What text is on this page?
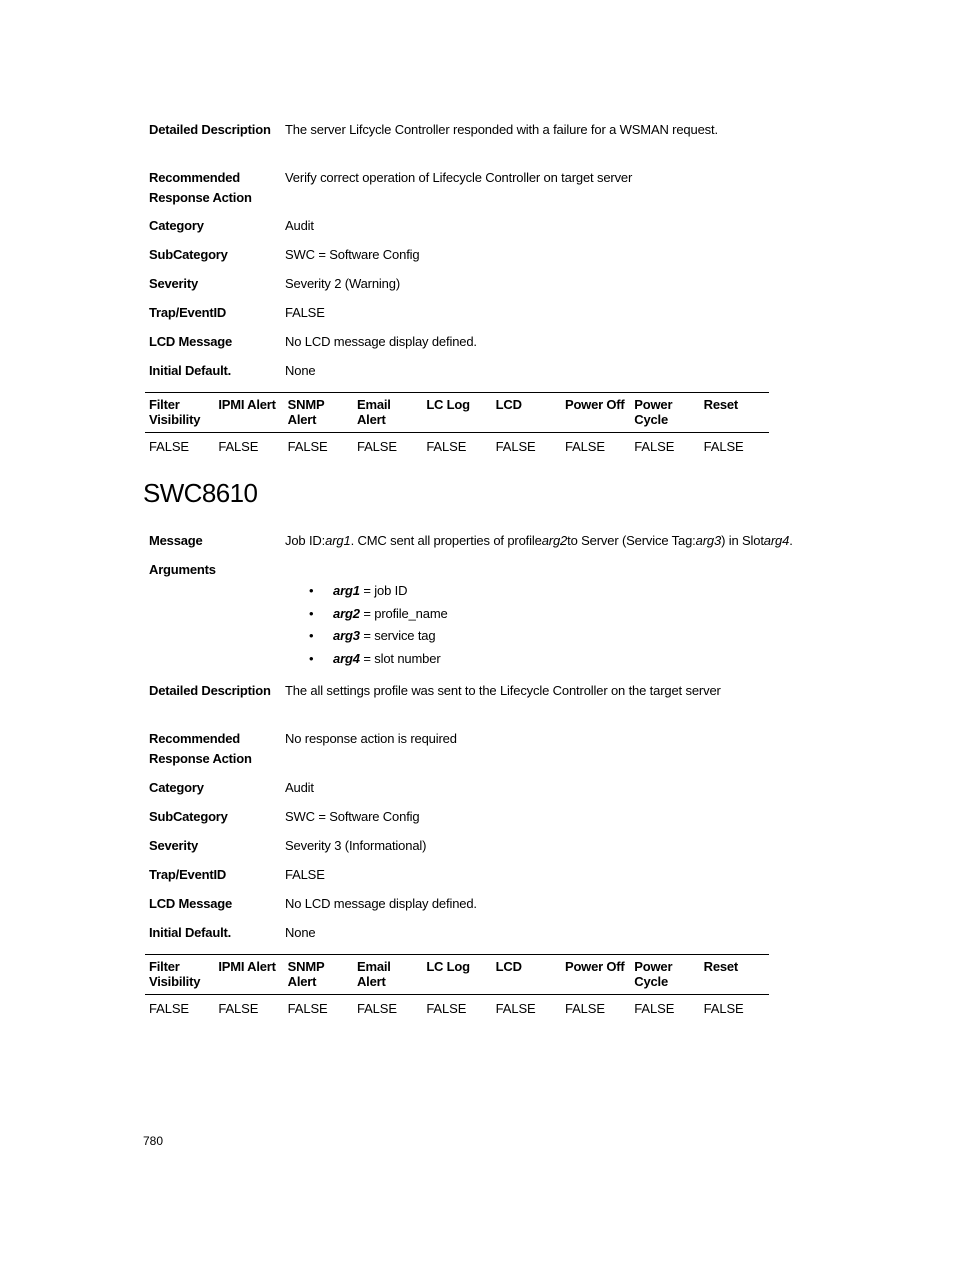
Detailed Description	The server Lifcycle Controller responded with a failure for a WSMAN request.
Recommended Response Action
Verify correct operation of Lifecycle Controller on target server
Category	Audit
SubCategory	SWC = Software Config
Severity	Severity 2 (Warning)
Trap/EventID	FALSE
LCD Message	No LCD message display defined.
Initial Default.	None
Filter Visibility	IPMI Alert	SNMP Alert	Email Alert	LC Log	LCD	Power Off	Power Cycle	Reset
FALSE	FALSE	FALSE	FALSE	FALSE	FALSE	FALSE	FALSE	FALSE
SWC8610
Message	Job ID:arg1. CMC sent all properties of profilearg2to Server (Service Tag:arg3) in Slotarg4.
Arguments
• arg1 = job ID
• arg2 = profile_name
• arg3 = service tag
• arg4 = slot number
Detailed Description	The all settings profile was sent to the Lifecycle Controller on the target server
Recommended Response Action
No response action is required
Category	Audit
SubCategory	SWC = Software Config
Severity	Severity 3 (Informational)
Trap/EventID	FALSE
LCD Message	No LCD message display defined.
Initial Default.	None
Filter Visibility	IPMI Alert	SNMP Alert	Email Alert	LC Log	LCD	Power Off	Power Cycle	Reset
FALSE	FALSE	FALSE	FALSE	FALSE	FALSE	FALSE	FALSE	FALSE
780
